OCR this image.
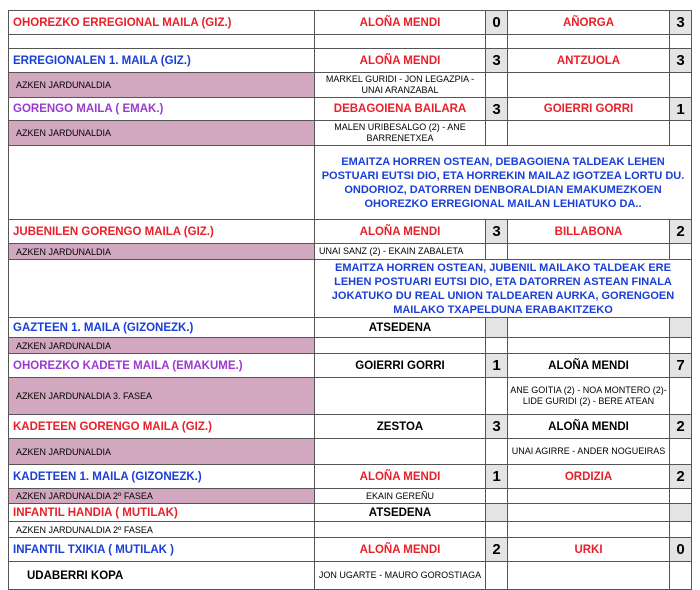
OHOREZKO ERREGIONAL MAILA (GIZ.)	ALOÑA MENDI	0	AÑORGA	3

ERREGIONALEN 1. MAILA (GIZ.)	ALOÑA MENDI	3	ANTZUOLA	3
AZKEN JARDUNALDIA	MARKEL GURIDI - JON LEGAZPIA - UNAI ARANZABAL			
GORENGO MAILA ( EMAK.)	DEBAGOIENA BAILARA	3	GOIERRI GORRI	1
AZKEN JARDUNALDIA	MALEN URIBESALGO (2) - ANE BARRENETXEA			
	EMAITZA HORREN OSTEAN, DEBAGOIENA TALDEAK LEHEN POSTUARI EUTSI DIO, ETA HORREKIN MAILAZ IGOTZEA LORTU DU. ONDORIOZ, DATORREN DENBORALDIAN EMAKUMEZKOEN OHOREZKO ERREGIONAL MAILAN LEHIATUKO DA..			
JUBENILEN GORENGO MAILA (GIZ.)	ALOÑA MENDI	3	BILLABONA	2
AZKEN JARDUNALDIA	UNAI SANZ (2) - EKAIN ZABALETA			
	EMAITZA HORREN OSTEAN, JUBENIL MAILAKO TALDEAK ERE LEHEN POSTUARI EUTSI DIO, ETA DATORREN ASTEAN FINALA JOKATUKO DU REAL UNION TALDEAREN AURKA, GORENGOEN MAILAKO TXAPELDUNA ERABAKITZEKO			
GAZTEEN 1. MAILA (GIZONEZK.)	ATSEDENA			
AZKEN JARDUNALDIA				
OHOREZKO KADETE MAILA (EMAKUME.)	GOIERRI GORRI	1	ALOÑA MENDI	7
AZKEN JARDUNALDIA 3. FASEA			ANE GOITIA (2) - NOA MONTERO (2)- LIDE GURIDI (2) - BERE ATEAN	
KADETEEN GORENGO MAILA (GIZ.)	ZESTOA	3	ALOÑA MENDI	2
AZKEN JARDUNALDIA			UNAI AGIRRE - ANDER NOGUEIRAS	
KADETEEN 1. MAILA (GIZONEZK.)	ALOÑA MENDI	1	ORDIZIA	2
AZKEN JARDUNALDIA 2º FASEA	EKAIN GEREÑU			
INFANTIL HANDIA ( MUTILAK)	ATSEDENA			
AZKEN JARDUNALDIA 2º FASEA				
INFANTIL TXIKIA ( MUTILAK )	ALOÑA MENDI	2	URKI	0
UDABERRI KOPA	JON UGARTE - MAURO GOROSTIAGA			
